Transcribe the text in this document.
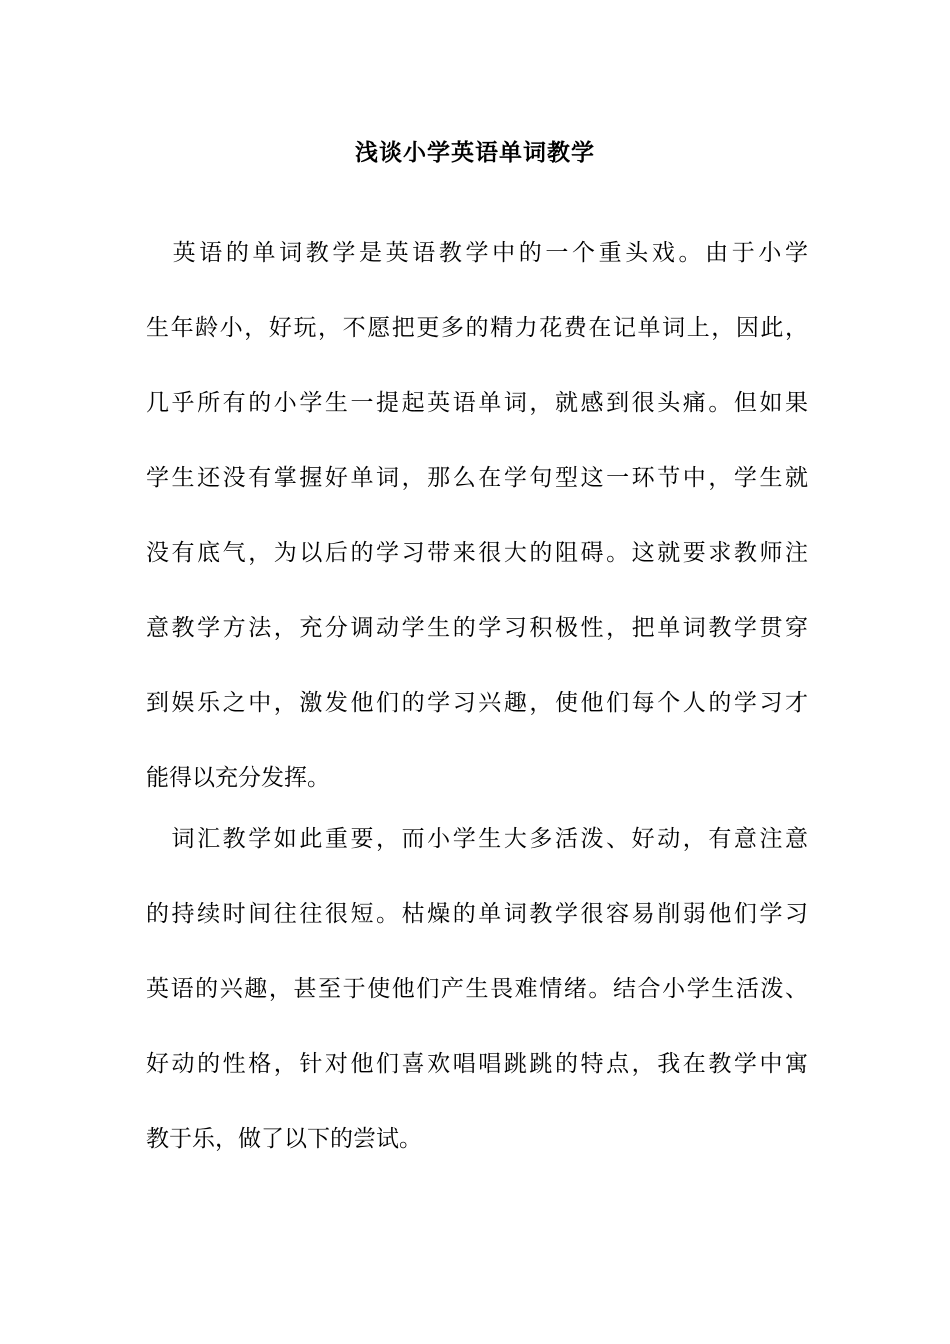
浅谈小学英语单词教学
　英语的单词教学是英语教学中的一个重头戏。由于小学
生年龄小，好玩，不愿把更多的精力花费在记单词上，因此，
几乎所有的小学生一提起英语单词，就感到很头痛。但如果
学生还没有掌握好单词，那么在学句型这一环节中，学生就
没有底气，为以后的学习带来很大的阻碍。这就要求教师注
意教学方法，充分调动学生的学习积极性，把单词教学贯穿
到娱乐之中，激发他们的学习兴趣，使他们每个人的学习才
能得以充分发挥。
　词汇教学如此重要，而小学生大多活泼、好动，有意注意
的持续时间往往很短。枯燥的单词教学很容易削弱他们学习
英语的兴趣，甚至于使他们产生畏难情绪。结合小学生活泼、
好动的性格，针对他们喜欢唱唱跳跳的特点，我在教学中寓
教于乐，做了以下的尝试。
